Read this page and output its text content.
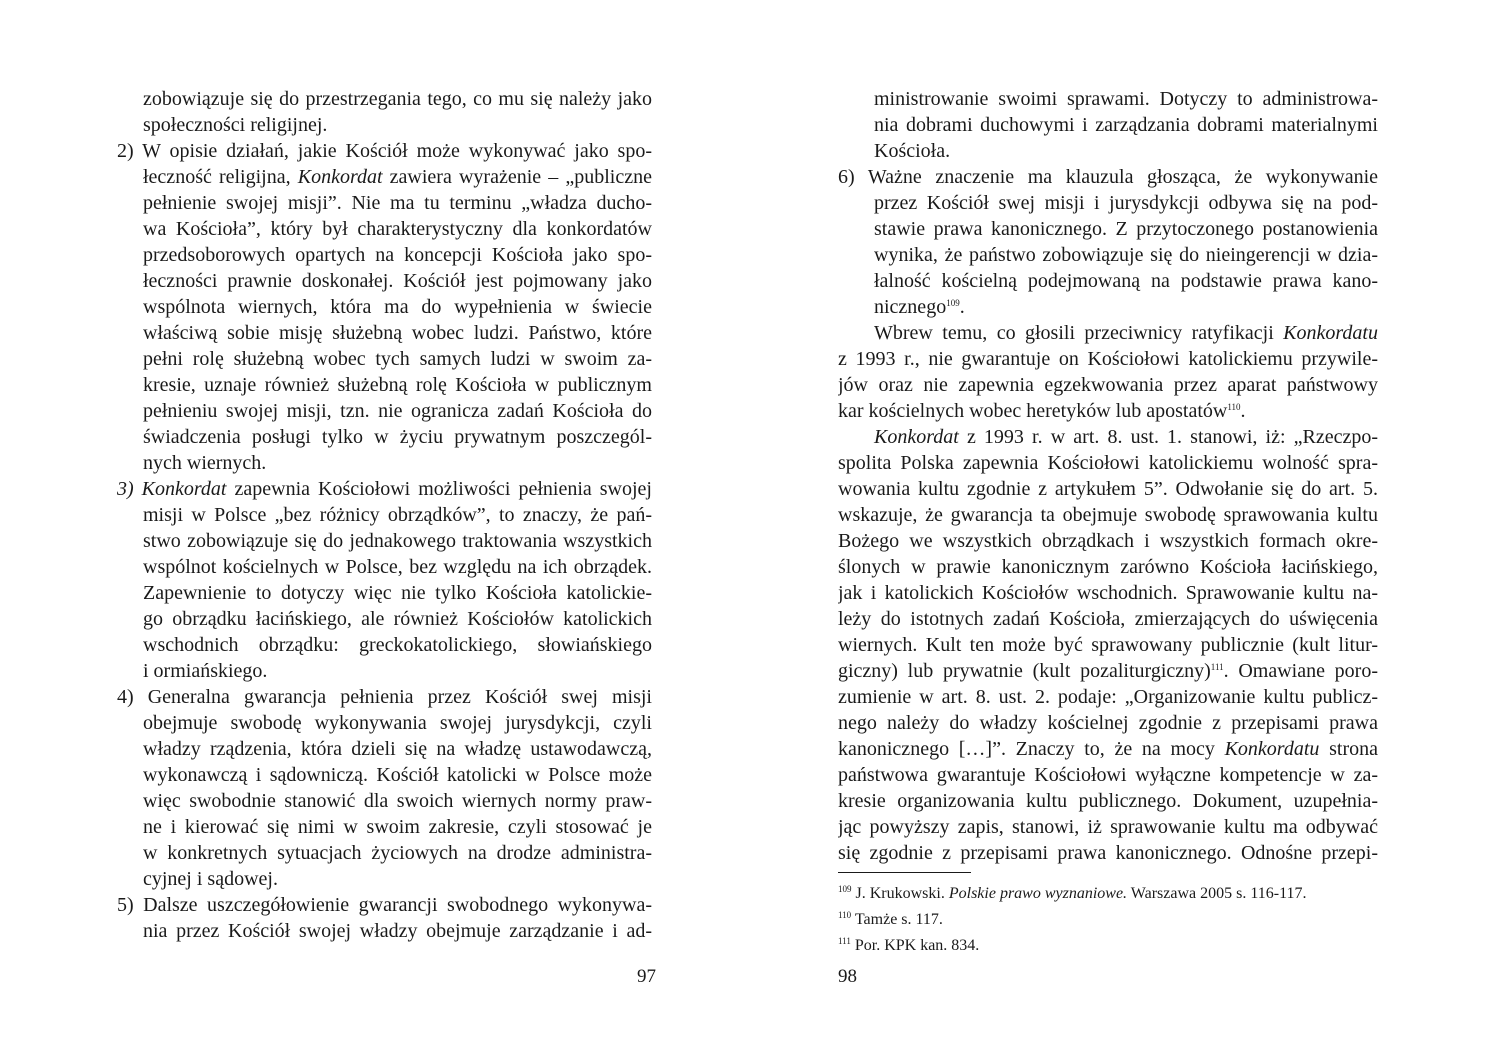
zobowiązuje się do przestrzegania tego, co mu się należy jako
społeczności religijnej.
2) W opisie działań, jakie Kościół może wykonywać jako spo-
łeczność religijna, Konkordat zawiera wyrażenie – „publiczne
pełnienie swojej misji”. Nie ma tu terminu „władza ducho-
wa Kościoła”, który był charakterystyczny dla konkordatów
przedsoborowych opartych na koncepcji Kościoła jako spo-
łeczności prawnie doskonałej. Kościół jest pojmowany jako
wspólnota wiernych, która ma do wypełnienia w świecie
właściwą sobie misję służebną wobec ludzi. Państwo, które
pełni rolę służebną wobec tych samych ludzi w swoim za-
kresie, uznaje również służebną rolę Kościoła w publicznym
pełnieniu swojej misji, tzn. nie ogranicza zadań Kościoła do
świadczenia posługi tylko w życiu prywatnym poszczegól-
nych wiernych.
3) Konkordat zapewnia Kościołowi możliwości pełnienia swojej
misji w Polsce „bez różnicy obrządków”, to znaczy, że pań-
stwo zobowiązuje się do jednakowego traktowania wszystkich
wspólnot kościelnych w Polsce, bez względu na ich obrządek.
Zapewnienie to dotyczy więc nie tylko Kościoła katolickie-
go obrządku łacińskiego, ale również Kościołów katolickich
wschodnich obrządku: greckokatolickiego, słowiańskiego
i ormiańskiego.
4) Generalna gwarancja pełnienia przez Kościół swej misji
obejmuje swobodę wykonywania swojej jurysdykcji, czyli
władzy rządzenia, która dzieli się na władzę ustawodawczą,
wykonawczą i sądowniczą. Kościół katolicki w Polsce może
więc swobodnie stanowić dla swoich wiernych normy praw-
ne i kierować się nimi w swoim zakresie, czyli stosować je
w konkretnych sytuacjach życiowych na drodze administra-
cyjnej i sądowej.
5) Dalsze uszczegółowienie gwarancji swobodnego wykonywa-
nia przez Kościół swojej władzy obejmuje zarządzanie i ad-
97
ministrowanie swoimi sprawami. Dotyczy to administrowa-
nia dobrami duchowymi i zarządzania dobrami materialnymi
Kościoła.
6) Ważne znaczenie ma klauzula głosząca, że wykonywanie
przez Kościół swej misji i jurysdykcji odbywa się na pod-
stawie prawa kanonicznego. Z przytoczonego postanowienia
wynika, że państwo zobowiązuje się do nieingerencji w dzia-
łalność kościelną podejmowaną na podstawie prawa kano-
nicznego$^{109}$.
Wbrew temu, co głosili przeciwnicy ratyfikacji Konkordatu
z 1993 r., nie gwarantuje on Kościołowi katolickiemu przywile-
jów oraz nie zapewnia egzekwowania przez aparat państwowy
kar kościelnych wobec heretyków lub apostatów$^{110}$.
Konkordat z 1993 r. w art. 8. ust. 1. stanowi, iż: „Rzeczpo-
spolita Polska zapewnia Kościołowi katolickiemu wolność spra-
wowania kultu zgodnie z artykułem 5”. Odwołanie się do art. 5.
wskazuje, że gwarancja ta obejmuje swobodę sprawowania kultu
Bożego we wszystkich obrządkach i wszystkich formach okre-
ślonych w prawie kanonicznym zarówno Kościoła łacińskiego,
jak i katolickich Kościołów wschodnich. Sprawowanie kultu na-
leży do istotnych zadań Kościoła, zmierzających do uświęcenia
wiernych. Kult ten może być sprawowany publicznie (kult litur-
giczny) lub prywatnie (kult pozaliturgiczny)$^{111}$. Omawiane poro-
zumienie w art. 8. ust. 2. podaje: „Organizowanie kultu publicz-
nego należy do władzy kościelnej zgodnie z przepisami prawa
kanonicznego […]”. Znaczy to, że na mocy Konkordatu strona
państwowa gwarantuje Kościołowi wyłączne kompetencje w za-
kresie organizowania kultu publicznego. Dokument, uzupełnia-
jąc powyższy zapis, stanowi, iż sprawowanie kultu ma odbywać
się zgodnie z przepisami prawa kanonicznego. Odnośne przepi-
$^{109}$ J. Krukowski. Polskie prawo wyznaniowe. Warszawa 2005 s. 116-117.
$^{110}$ Tamże s. 117.
$^{111}$ Por. KPK kan. 834.
98
